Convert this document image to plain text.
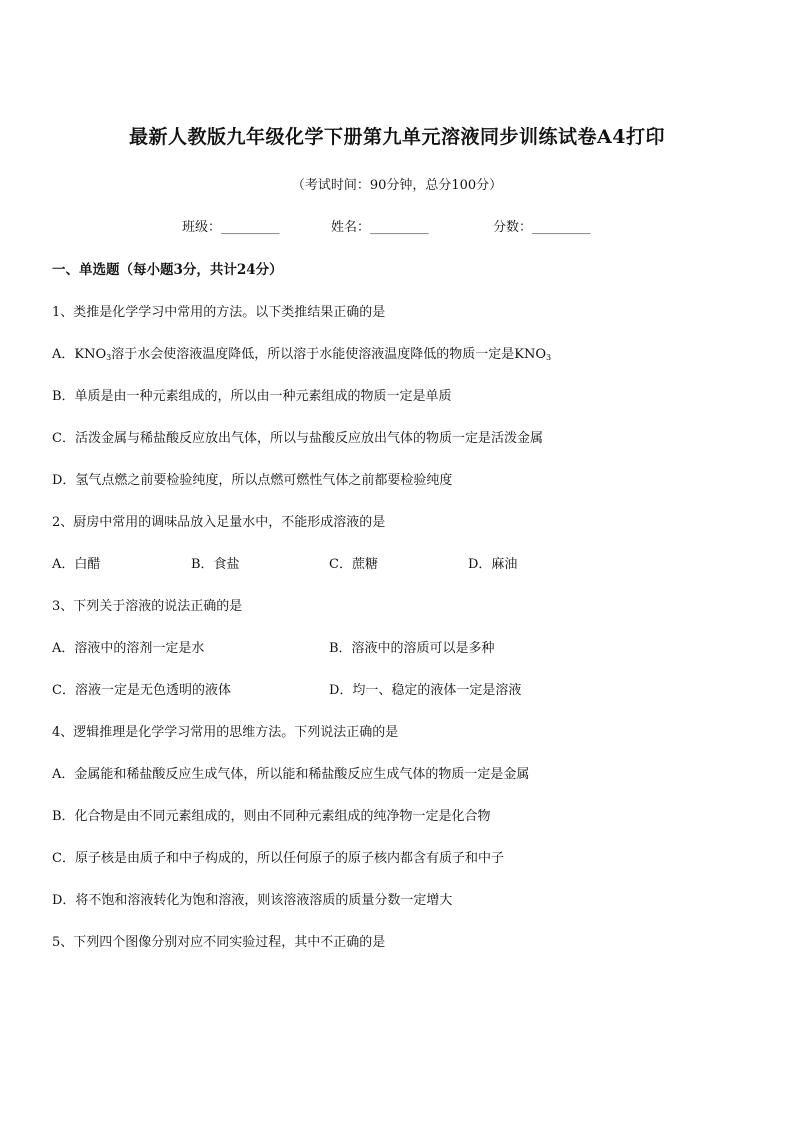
最新人教版九年级化学下册第九单元溶液同步训练试卷A4打印
（考试时间：90分钟，总分100分）
班级：_________	姓名：_________	分数：_________
一、单选题（每小题3分，共计24分）
1、类推是化学学习中常用的方法。以下类推结果正确的是
A．$KNO_3$溶于水会使溶液温度降低，所以溶于水能使溶液温度降低的物质一定是$KNO_3$
B．单质是由一种元素组成的，所以由一种元素组成的物质一定是单质
C．活泼金属与稀盐酸反应放出气体，所以与盐酸反应放出气体的物质一定是活泼金属
D．氢气点燃之前要检验纯度，所以点燃可燃性气体之前都要检验纯度
2、厨房中常用的调味品放入足量水中，不能形成溶液的是
A．白醋	B．食盐	C．蔗糖	D．麻油
3、下列关于溶液的说法正确的是
A．溶液中的溶剂一定是水	B．溶液中的溶质可以是多种
C．溶液一定是无色透明的液体	D．均一、稳定的液体一定是溶液
4、逻辑推理是化学学习常用的思维方法。下列说法正确的是
A．金属能和稀盐酸反应生成气体，所以能和稀盐酸反应生成气体的物质一定是金属
B．化合物是由不同元素组成的，则由不同种元素组成的纯净物一定是化合物
C．原子核是由质子和中子构成的，所以任何原子的原子核内都含有质子和中子
D．将不饱和溶液转化为饱和溶液，则该溶液溶质的质量分数一定增大
5、下列四个图像分别对应不同实验过程，其中不正确的是
